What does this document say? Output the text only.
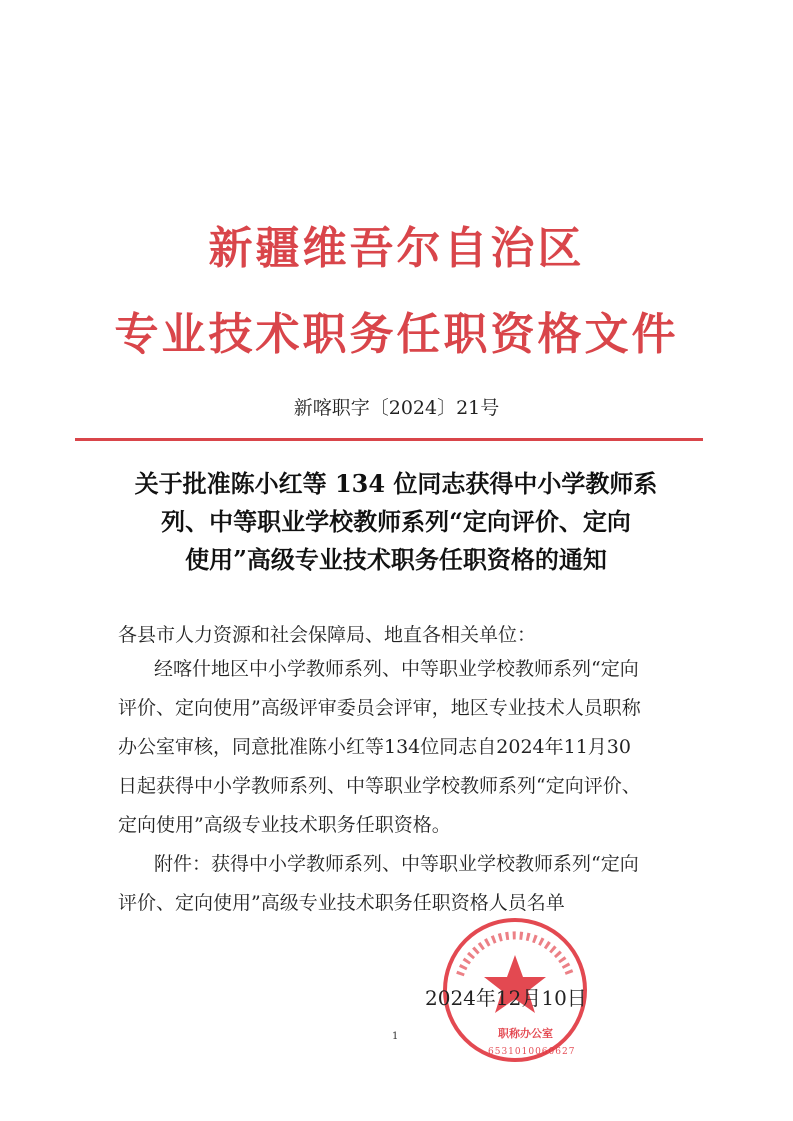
新疆维吾尔自治区
专业技术职务任职资格文件
新喀职字〔2024〕21号
关于批准陈小红等 134 位同志获得中小学教师系
列、中等职业学校教师系列“定向评价、定向
使用”高级专业技术职务任职资格的通知
各县市人力资源和社会保障局、地直各相关单位：
经喀什地区中小学教师系列、中等职业学校教师系列“定向
评价、定向使用”高级评审委员会评审，地区专业技术人员职称
办公室审核，同意批准陈小红等134位同志自2024年11月30
日起获得中小学教师系列、中等职业学校教师系列“定向评价、
定向使用”高级专业技术职务任职资格。
附件：获得中小学教师系列、中等职业学校教师系列“定向
评价、定向使用”高级专业技术职务任职资格人员名单
2024年12月10日
职称办公室
6531010060627
1
